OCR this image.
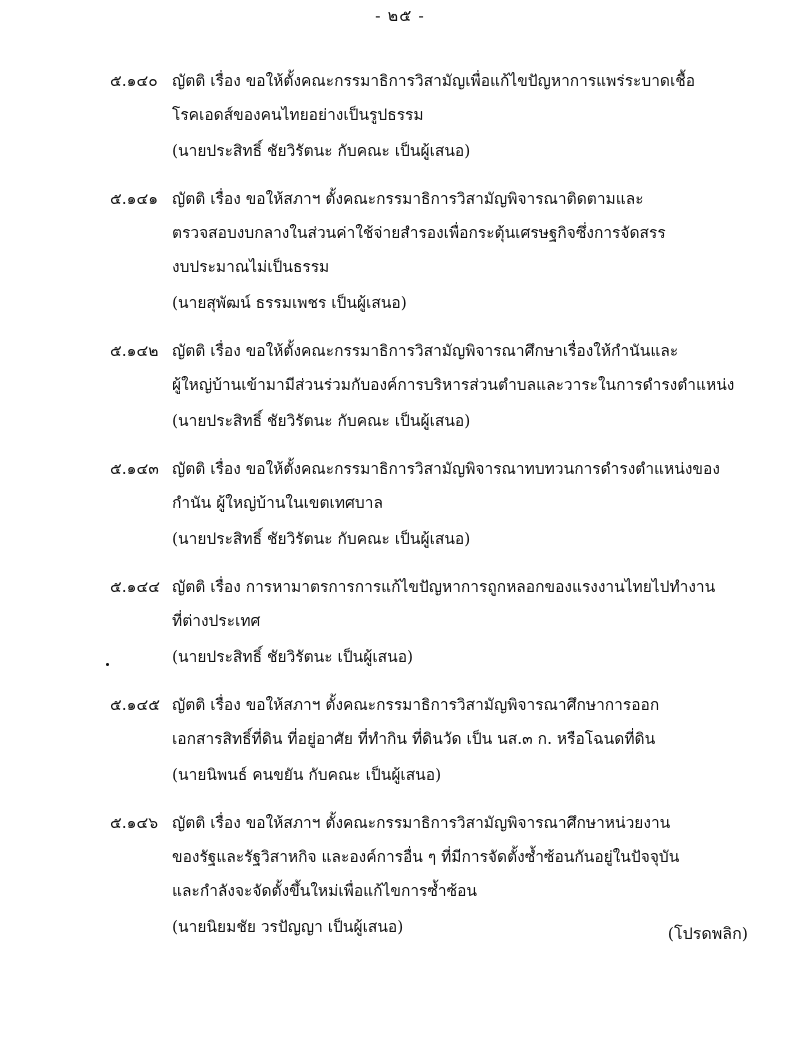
- ๒๕ -
๕.๑๔๐ ญัตติ เรื่อง ขอให้ตั้งคณะกรรมาธิการวิสามัญเพื่อแก้ไขปัญหาการแพร่ระบาดเชื้อ
โรคเอดส์ของคนไทยอย่างเป็นรูปธรรม
(นายประสิทธิ์ ชัยวิรัตนะ กับคณะ เป็นผู้เสนอ)
๕.๑๔๑ ญัตติ เรื่อง ขอให้สภาฯ ตั้งคณะกรรมาธิการวิสามัญพิจารณาติดตามและ
ตรวจสอบงบกลางในส่วนค่าใช้จ่ายสำรองเพื่อกระตุ้นเศรษฐกิจซึ่งการจัดสรร
งบประมาณไม่เป็นธรรม
(นายสุพัฒน์ ธรรมเพชร เป็นผู้เสนอ)
๕.๑๔๒ ญัตติ เรื่อง ขอให้ตั้งคณะกรรมาธิการวิสามัญพิจารณาศึกษาเรื่องให้กำนันและ
ผู้ใหญ่บ้านเข้ามามีส่วนร่วมกับองค์การบริหารส่วนตำบลและวาระในการดำรงตำแหน่ง
(นายประสิทธิ์ ชัยวิรัตนะ กับคณะ เป็นผู้เสนอ)
๕.๑๔๓ ญัตติ เรื่อง ขอให้ตั้งคณะกรรมาธิการวิสามัญพิจารณาทบทวนการดำรงตำแหน่งของ
กำนัน ผู้ใหญ่บ้านในเขตเทศบาล
(นายประสิทธิ์ ชัยวิรัตนะ กับคณะ เป็นผู้เสนอ)
๕.๑๔๔ ญัตติ เรื่อง การหามาตรการการแก้ไขปัญหาการถูกหลอกของแรงงานไทยไปทำงาน
ที่ต่างประเทศ
(นายประสิทธิ์ ชัยวิรัตนะ เป็นผู้เสนอ)
๕.๑๔๕ ญัตติ เรื่อง ขอให้สภาฯ ตั้งคณะกรรมาธิการวิสามัญพิจารณาศึกษาการออก
เอกสารสิทธิ์ที่ดิน ที่อยู่อาศัย ที่ทำกิน ที่ดินวัด เป็น นส.๓ ก. หรือโฉนดที่ดิน
(นายนิพนธ์ คนขยัน กับคณะ เป็นผู้เสนอ)
๕.๑๔๖ ญัตติ เรื่อง ขอให้สภาฯ ตั้งคณะกรรมาธิการวิสามัญพิจารณาศึกษาหน่วยงาน
ของรัฐและรัฐวิสาหกิจ และองค์การอื่น ๆ ที่มีการจัดตั้งซ้ำซ้อนกันอยู่ในปัจจุบัน
และกำลังจะจัดตั้งขึ้นใหม่เพื่อแก้ไขการซ้ำซ้อน
(นายนิยมชัย วรปัญญา เป็นผู้เสนอ)	(โปรดพลิก)
